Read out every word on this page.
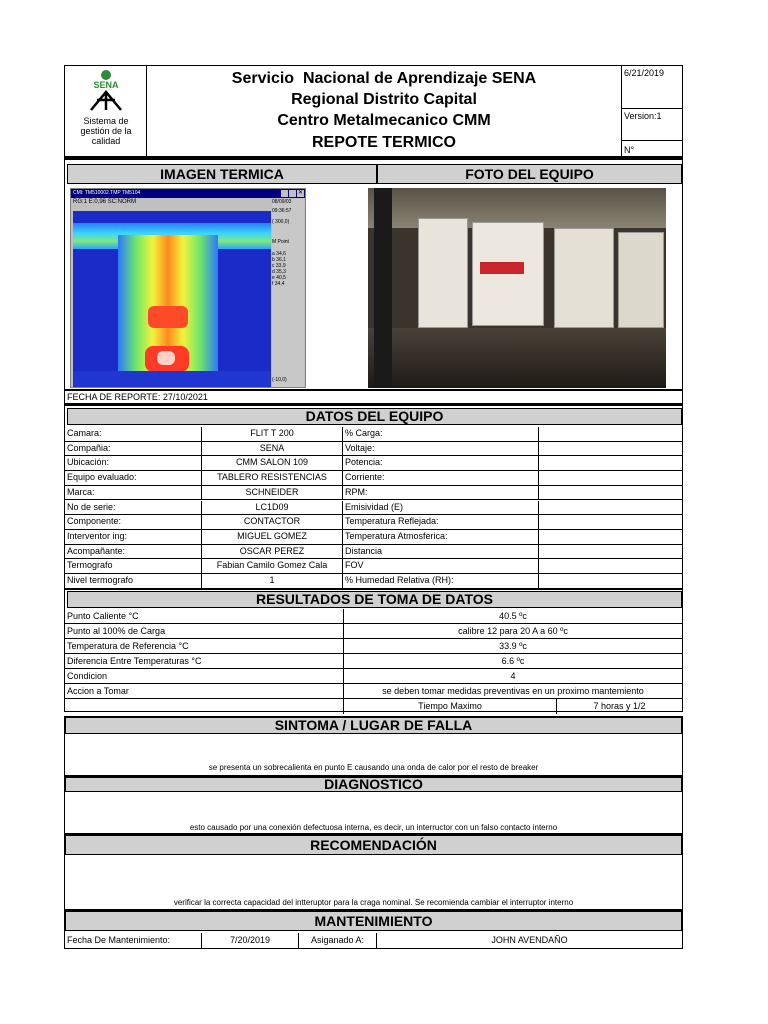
SENA
Sistema de gestión de la calidad
Servicio  Nacional de Aprendizaje SENA
Regional Distrito Capital
Centro Metalmecanico CMM
REPOTE TERMICO
6/21/2019
Version:1
N°
IMAGEN TERMICA	FOTO DEL EQUIPO
CMI: TM510002.TMP TM5104	✕
RG:1 E:0,96 SC:NORM	08/09/03
09:36:57
( 300,0)
M Point
a 34,6
b 36,1
c 33,9
d 35,3
e 40,5
f 34,4
(-10,0)
FECHA DE REPORTE: 27/10/2021
DATOS DEL EQUIPO
Camara:	FLIT T 200	% Carga:
Compañia:	SENA	Voltaje:
Ubicación:	CMM SALON 109	Potencia:
Equipo evaluado:	TABLERO RESISTENCIAS	Corriente:
Marca:	SCHNEIDER	RPM:
No de serie:	LC1D09	Emisividad (E)
Componente:	CONTACTOR	Temperatura Reflejada:
Interventor ing:	MIGUEL GOMEZ	Temperatura Atmosferica:
Acompañante:	OSCAR PEREZ	Distancia
Termografo	Fabian Camilo Gomez Cala	FOV
Nivel termografo	1	% Humedad Relativa (RH):
RESULTADOS DE TOMA DE DATOS
Punto Caliente °C	40.5 ºc
Punto al 100% de Carga	calibre 12 para 20 A a 60 ºc
Temperatura de Referencia °C	33.9 ºc
Diferencia Entre Temperaturas °C	6.6 ºc
Condicion	4
Accion a Tomar	se deben tomar medidas preventivas en un proximo mantemiento
Tiempo Maximo	7 horas y 1/2
SINTOMA / LUGAR DE FALLA
se presenta un sobrecalienta en punto E causando una onda de calor por el resto de breaker
DIAGNOSTICO
esto causado por una conexión defectuosa interna, es decir, un interructor con un falso contacto interno
RECOMENDACIÓN
verificar la correcta capacidad del intteruptor para la craga nominal. Se recomienda cambiar el interruptor interno
MANTENIMIENTO
Fecha De Mantenimiento:	7/20/2019	Asiganado A:	JOHN AVENDAÑO
